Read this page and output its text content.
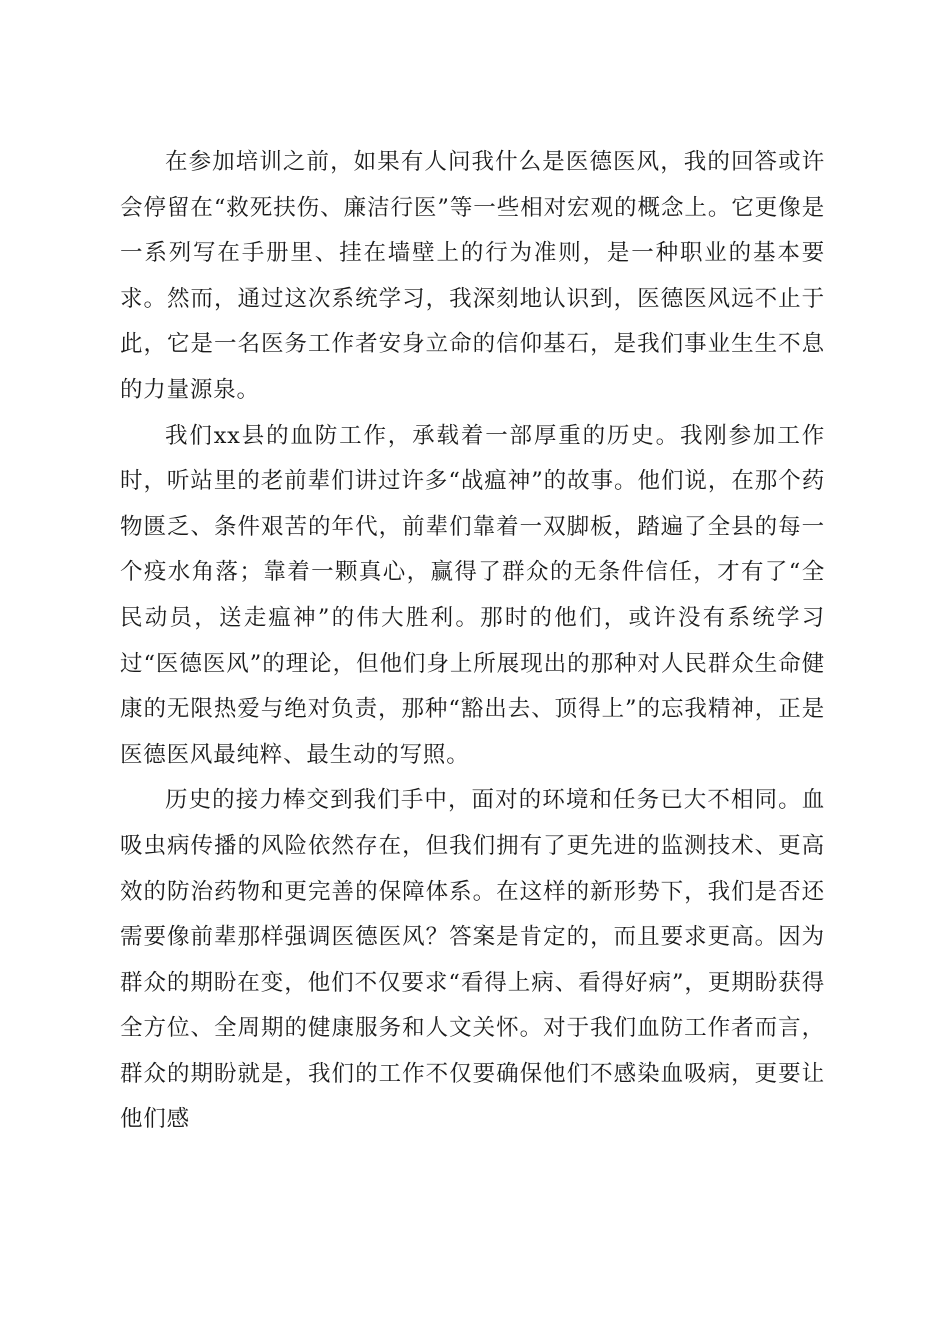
在参加培训之前，如果有人问我什么是医德医风，我的回答或许会停留在“救死扶伤、廉洁行医”等一些相对宏观的概念上。它更像是一系列写在手册里、挂在墙壁上的行为准则，是一种职业的基本要求。然而，通过这次系统学习，我深刻地认识到，医德医风远不止于此，它是一名医务工作者安身立命的信仰基石，是我们事业生生不息的力量源泉。

我们xx县的血防工作，承载着一部厚重的历史。我刚参加工作时，听站里的老前辈们讲过许多“战瘟神”的故事。他们说，在那个药物匮乏、条件艰苦的年代，前辈们靠着一双脚板，踏遍了全县的每一个疫水角落；靠着一颗真心，赢得了群众的无条件信任，才有了“全民动员，送走瘟神”的伟大胜利。那时的他们，或许没有系统学习过“医德医风”的理论，但他们身上所展现出的那种对人民群众生命健康的无限热爱与绝对负责，那种“豁出去、顶得上”的忘我精神，正是医德医风最纯粹、最生动的写照。

历史的接力棒交到我们手中，面对的环境和任务已大不相同。血吸虫病传播的风险依然存在，但我们拥有了更先进的监测技术、更高效的防治药物和更完善的保障体系。在这样的新形势下，我们是否还需要像前辈那样强调医德医风？答案是肯定的，而且要求更高。因为群众的期盼在变，他们不仅要求“看得上病、看得好病”，更期盼获得全方位、全周期的健康服务和人文关怀。对于我们血防工作者而言，群众的期盼就是，我们的工作不仅要确保他们不感染血吸病，更要让他们感
